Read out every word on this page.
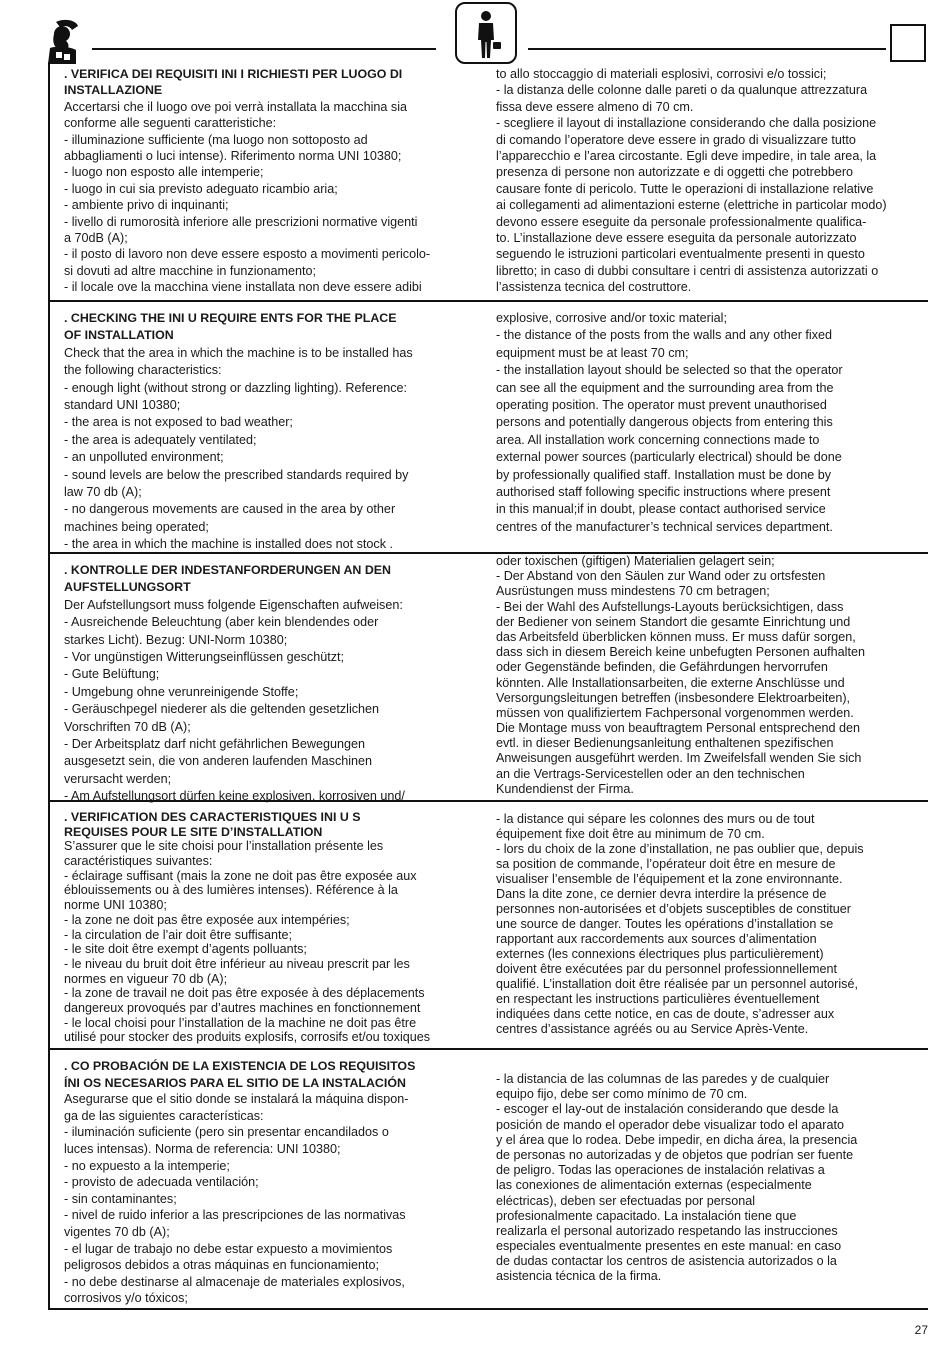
. VERIFICA DEI REQUISITI INI I RICHIESTI PER LUOGO DI
INSTALLAZIONE
Accertarsi che il luogo ove poi verrà installata la macchina sia
conforme alle seguenti caratteristiche:
- illuminazione sufficiente (ma luogo non sottoposto ad
abbagliamenti o luci intense). Riferimento norma UNI 10380;
- luogo non esposto alle intemperie;
- luogo in cui sia previsto adeguato ricambio aria;
- ambiente privo di inquinanti;
- livello di rumorosità inferiore alle prescrizioni normative vigenti
a 70dB (A);
- il posto di lavoro non deve essere esposto a movimenti pericolo-
si dovuti ad altre macchine in funzionamento;
- il locale ove la macchina viene installata non deve essere adibi
to allo stoccaggio di materiali esplosivi, corrosivi e/o tossici;
- la distanza delle colonne dalle pareti o da qualunque attrezzatura
fissa deve essere almeno di 70 cm.
- scegliere il layout di installazione considerando che dalla posizione
di comando l’operatore deve essere in grado di visualizzare tutto
l’apparecchio e l’area circostante. Egli deve impedire, in tale area, la
presenza di persone non autorizzate e di oggetti che potrebbero
causare fonte di pericolo. Tutte le operazioni di installazione relative
ai collegamenti ad alimentazioni esterne (elettriche in particolar modo)
devono essere eseguite da personale professionalmente qualifica-
to. L’installazione deve essere eseguita da personale autorizzato
seguendo le istruzioni particolari eventualmente presenti in questo
libretto; in caso di dubbi consultare i centri di assistenza autorizzati o
l’assistenza tecnica del costruttore.
. CHECKING THE INI U REQUIRE ENTS FOR THE PLACE
OF INSTALLATION
Check that the area in which the machine is to be installed has
the following characteristics:
- enough light (without strong or dazzling lighting). Reference:
standard UNI 10380;
- the area is not exposed to bad weather;
- the area is adequately ventilated;
- an unpolluted environment;
- sound levels are below the prescribed standards required by
law 70 db (A);
- no dangerous movements are caused in the area by other
machines being operated;
- the area in which the machine is installed does not stock .
explosive, corrosive and/or toxic material;
- the distance of the posts from the walls and any other fixed
equipment must be at least 70 cm;
- the installation layout should be selected so that the operator
can see all the equipment and the surrounding area from the
operating position. The operator must prevent unauthorised
persons and potentially dangerous objects from entering this
area. All installation work concerning connections made to
external power sources (particularly electrical) should be done
by professionally qualified staff. Installation must be done by
authorised staff following specific instructions where present
in this manual;if in doubt, please contact authorised service
centres of the manufacturer’s technical services department.
. KONTROLLE DER INDESTANFORDERUNGEN AN DEN
AUFSTELLUNGSORT
Der Aufstellungsort muss folgende Eigenschaften aufweisen:
- Ausreichende Beleuchtung (aber kein blendendes oder
starkes Licht). Bezug: UNI-Norm 10380;
- Vor ungünstigen Witterungseinflüssen geschützt;
- Gute Belüftung;
- Umgebung ohne verunreinigende Stoffe;
- Geräuschpegel niederer als die geltenden gesetzlichen
Vorschriften 70 dB (A);
- Der Arbeitsplatz darf nicht gefährlichen Bewegungen
ausgesetzt sein, die von anderen laufenden Maschinen
verursacht werden;
- Am Aufstellungsort dürfen keine explosiven, korrosiven und/
oder toxischen (giftigen) Materialien gelagert sein;
- Der Abstand von den Säulen zur Wand oder zu ortsfesten
Ausrüstungen muss mindestens 70 cm betragen;
- Bei der Wahl des Aufstellungs-Layouts berücksichtigen, dass
der Bediener von seinem Standort die gesamte Einrichtung und
das Arbeitsfeld überblicken können muss. Er muss dafür sorgen,
dass sich in diesem Bereich keine unbefugten Personen aufhalten
oder Gegenstände befinden, die Gefährdungen hervorrufen
könnten. Alle Installationsarbeiten, die externe Anschlüsse und
Versorgungsleitungen betreffen (insbesondere Elektroarbeiten),
müssen von qualifiziertem Fachpersonal vorgenommen werden.
Die Montage muss von beauftragtem Personal entsprechend den
evtl. in dieser Bedienungsanleitung enthaltenen spezifischen
Anweisungen ausgeführt werden. Im Zweifelsfall wenden Sie sich
an die Vertrags-Servicestellen oder an den technischen
Kundendienst der Firma.
. VERIFICATION DES CARACTERISTIQUES INI U S
REQUISES POUR LE SITE D’INSTALLATION
S’assurer que le site choisi pour l’installation présente les
caractéristiques suivantes:
- éclairage suffisant (mais la zone ne doit pas être exposée aux
éblouissements ou à des lumières intenses). Référence à la
norme UNI 10380;
- la zone ne doit pas être exposée aux intempéries;
- la circulation de l’air doit être suffisante;
- le site doit être exempt d’agents polluants;
- le niveau du bruit doit être inférieur au niveau prescrit par les
normes en vigueur 70 db (A);
- la zone de travail ne doit pas être exposée à des déplacements
dangereux provoqués par d’autres machines en fonctionnement
- le local choisi pour l’installation de la machine ne doit pas être
utilisé pour stocker des produits explosifs, corrosifs et/ou toxiques
- la distance qui sépare les colonnes des murs ou de tout
équipement fixe doit être au minimum de 70 cm.
- lors du choix de la zone d’installation, ne pas oublier que, depuis
sa position de commande, l’opérateur doit être en mesure de
visualiser l’ensemble de l’équipement et la zone environnante.
Dans la dite zone, ce dernier devra interdire la présence de
personnes non-autorisées et d’objets susceptibles de constituer
une source de danger. Toutes les opérations d’installation se
rapportant aux raccordements aux sources d’alimentation
externes (les connexions électriques plus particulièrement)
doivent être exécutées par du personnel professionnellement
qualifié. L’installation doit être réalisée par un personnel autorisé,
en respectant les instructions particulières éventuellement
indiquées dans cette notice, en cas de doute, s’adresser aux
centres d’assistance agréés ou au Service Après-Vente.
. CO PROBACIÓN DE LA EXISTENCIA DE LOS REQUISITOS
ÍNI OS NECESARIOS PARA EL SITIO DE LA INSTALACIÓN
Asegurarse que el sitio donde se instalará la máquina dispon-
ga de las siguientes características:
- iluminación suficiente (pero sin presentar encandilados o
luces intensas). Norma de referencia: UNI 10380;
- no expuesto a la intemperie;
- provisto de adecuada ventilación;
- sin contaminantes;
- nivel de ruido inferior a las prescripciones de las normativas
vigentes 70 db (A);
- el lugar de trabajo no debe estar expuesto a movimientos
peligrosos debidos a otras máquinas en funcionamiento;
- no debe destinarse al almacenaje de materiales explosivos,
corrosivos y/o tóxicos;
- la distancia de las columnas de las paredes y de cualquier
equipo fijo, debe ser como mínimo de 70 cm.
- escoger el lay-out de instalación considerando que desde la
posición de mando el operador debe visualizar todo el aparato
y el área que lo rodea. Debe impedir, en dicha área, la presencia
de personas no autorizadas y de objetos que podrían ser fuente
de peligro. Todas las operaciones de instalación relativas a
las conexiones de alimentación externas (especialmente
eléctricas), deben ser efectuadas por personal
profesionalmente capacitado. La instalación tiene que
realizarla el personal autorizado respetando las instrucciones
especiales eventualmente presentes en este manual: en caso
de dudas contactar los centros de asistencia autorizados o la
asistencia técnica de la firma.
27
